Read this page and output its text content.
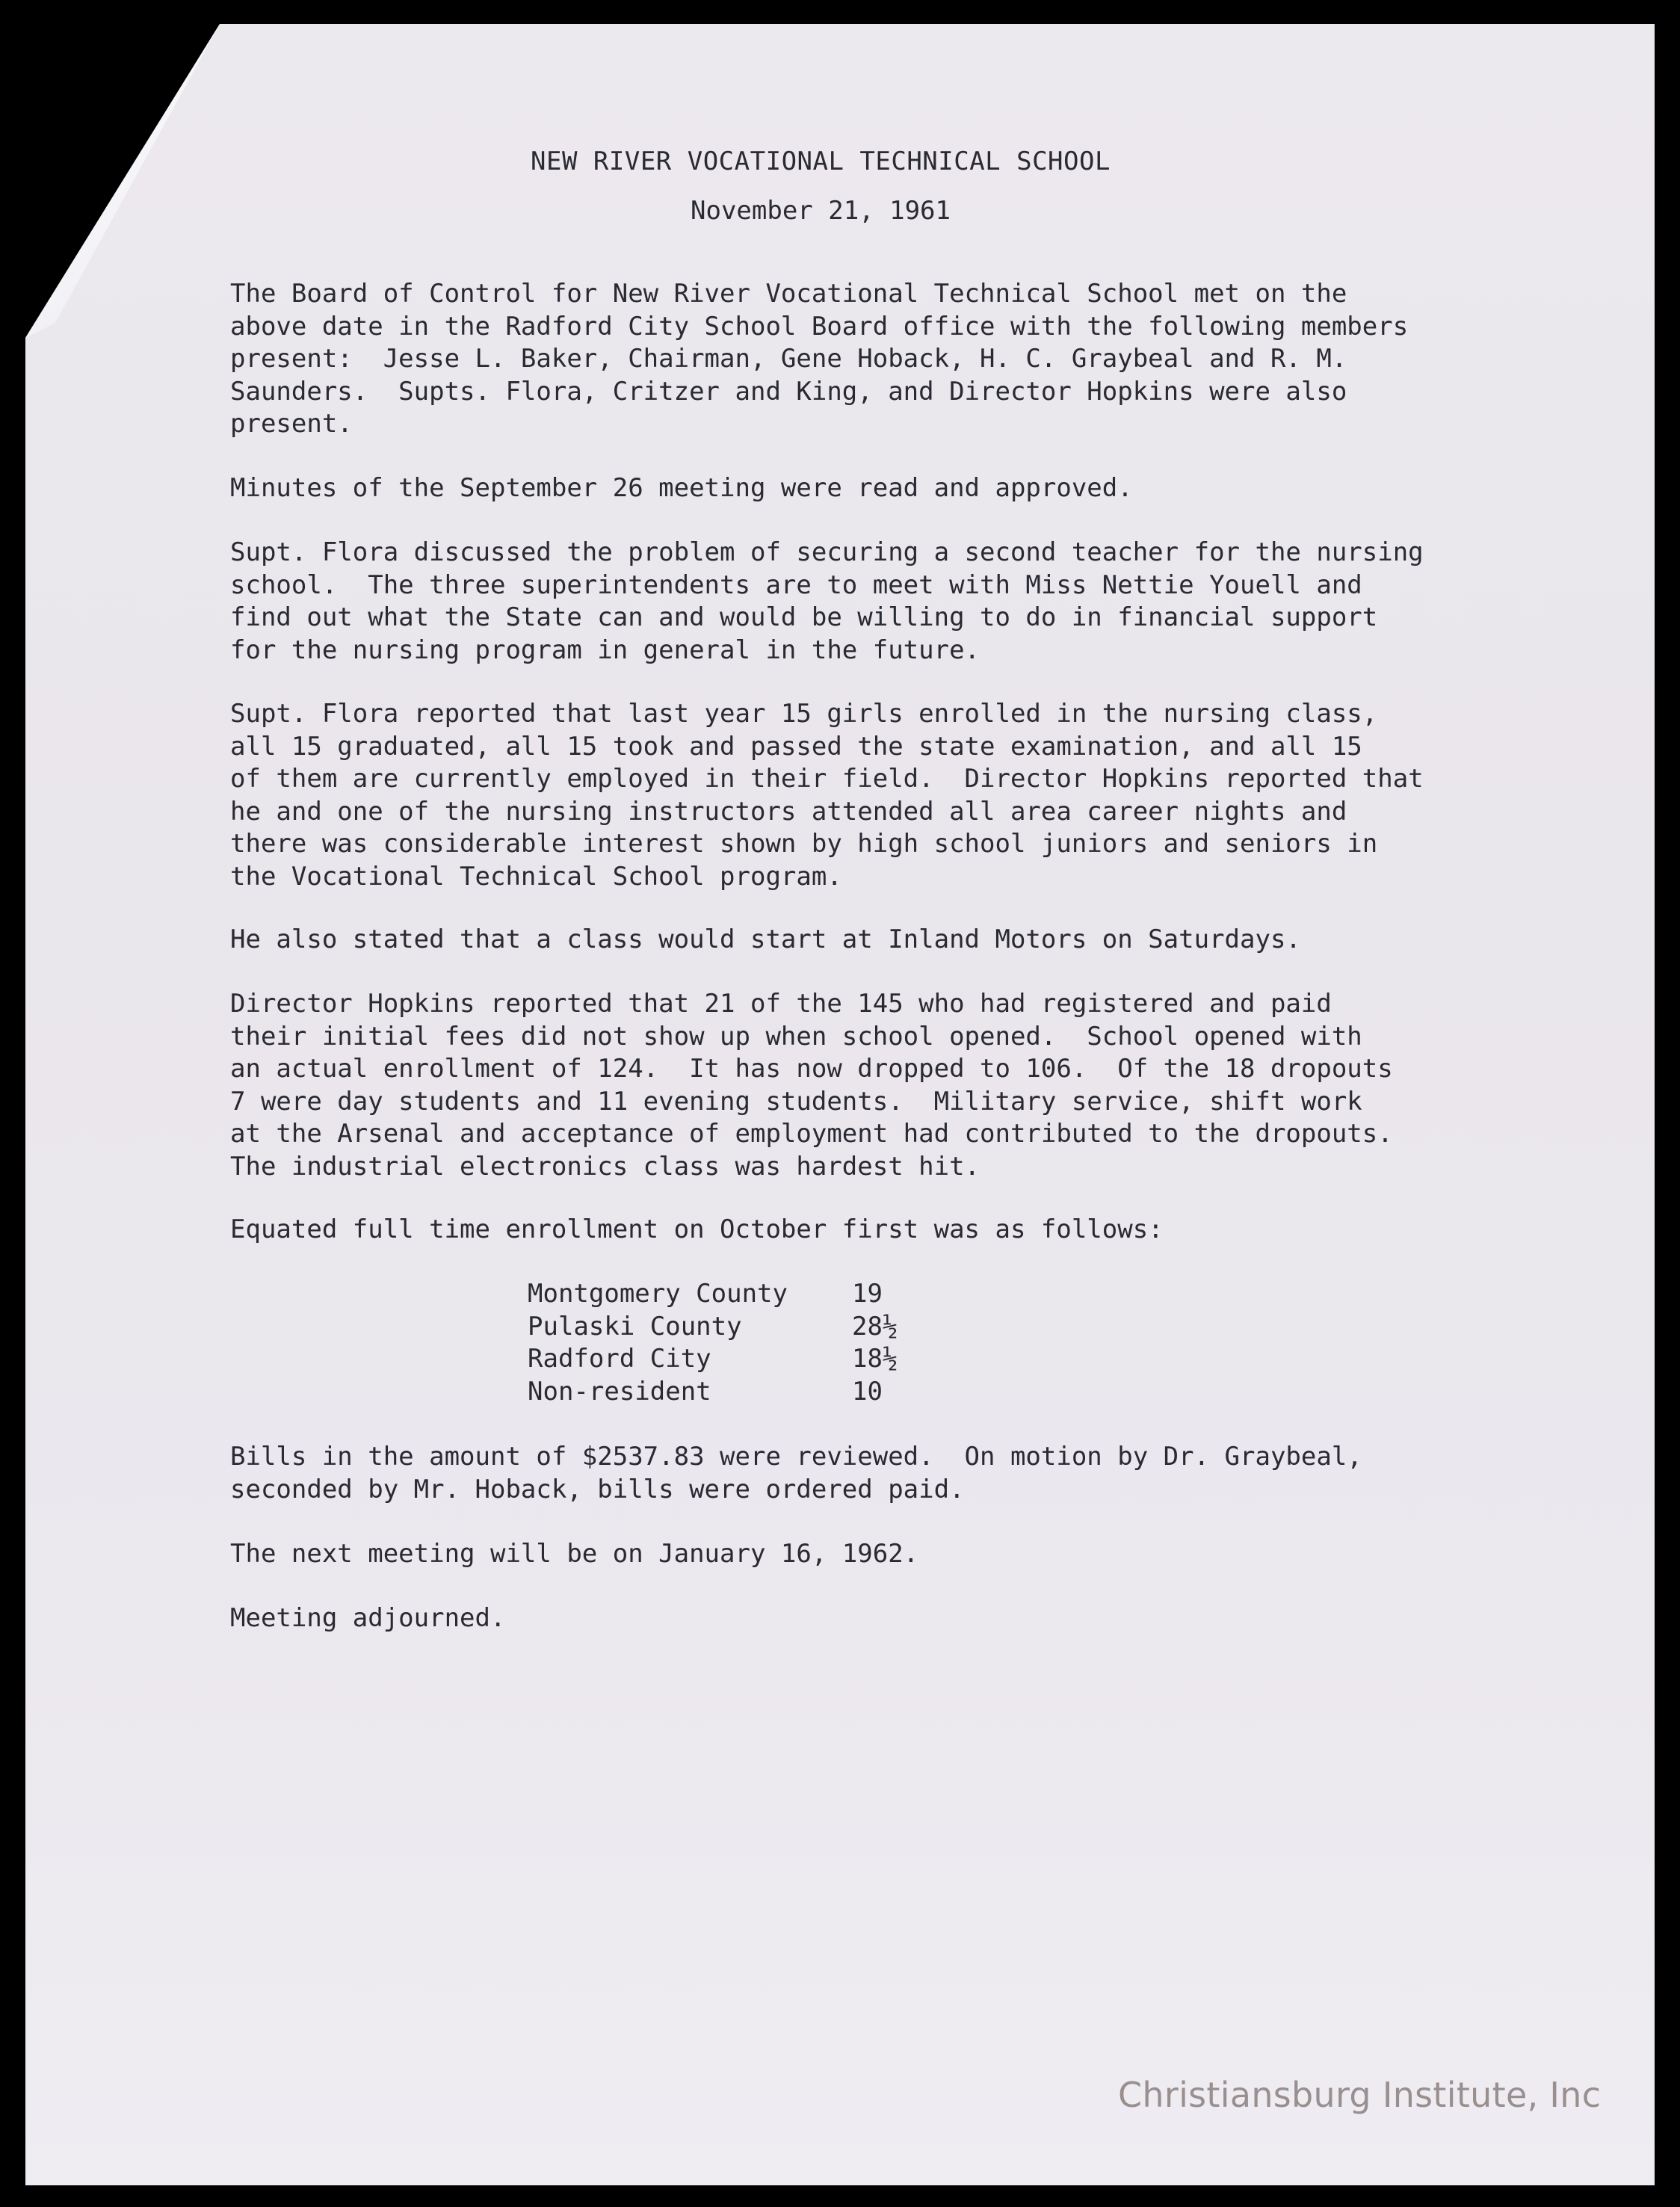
NEW RIVER VOCATIONAL TECHNICAL SCHOOL
November 21, 1961

The Board of Control for New River Vocational Technical School met on the
above date in the Radford City School Board office with the following members
present:  Jesse L. Baker, Chairman, Gene Hoback, H. C. Graybeal and R. M.
Saunders.  Supts. Flora, Critzer and King, and Director Hopkins were also
present.

Minutes of the September 26 meeting were read and approved.

Supt. Flora discussed the problem of securing a second teacher for the nursing
school.  The three superintendents are to meet with Miss Nettie Youell and
find out what the State can and would be willing to do in financial support
for the nursing program in general in the future.

Supt. Flora reported that last year 15 girls enrolled in the nursing class,
all 15 graduated, all 15 took and passed the state examination, and all 15
of them are currently employed in their field.  Director Hopkins reported that
he and one of the nursing instructors attended all area career nights and
there was considerable interest shown by high school juniors and seniors in
the Vocational Technical School program.

He also stated that a class would start at Inland Motors on Saturdays.

Director Hopkins reported that 21 of the 145 who had registered and paid
their initial fees did not show up when school opened.  School opened with
an actual enrollment of 124.  It has now dropped to 106.  Of the 18 dropouts
7 were day students and 11 evening students.  Military service, shift work
at the Arsenal and acceptance of employment had contributed to the dropouts.
The industrial electronics class was hardest hit.

Equated full time enrollment on October first was as follows:

Montgomery County	19
Pulaski County	28½
Radford City	18½
Non-resident	10

Bills in the amount of $2537.83 were reviewed.  On motion by Dr. Graybeal,
seconded by Mr. Hoback, bills were ordered paid.

The next meeting will be on January 16, 1962.

Meeting adjourned.

Christiansburg Institute, Inc
